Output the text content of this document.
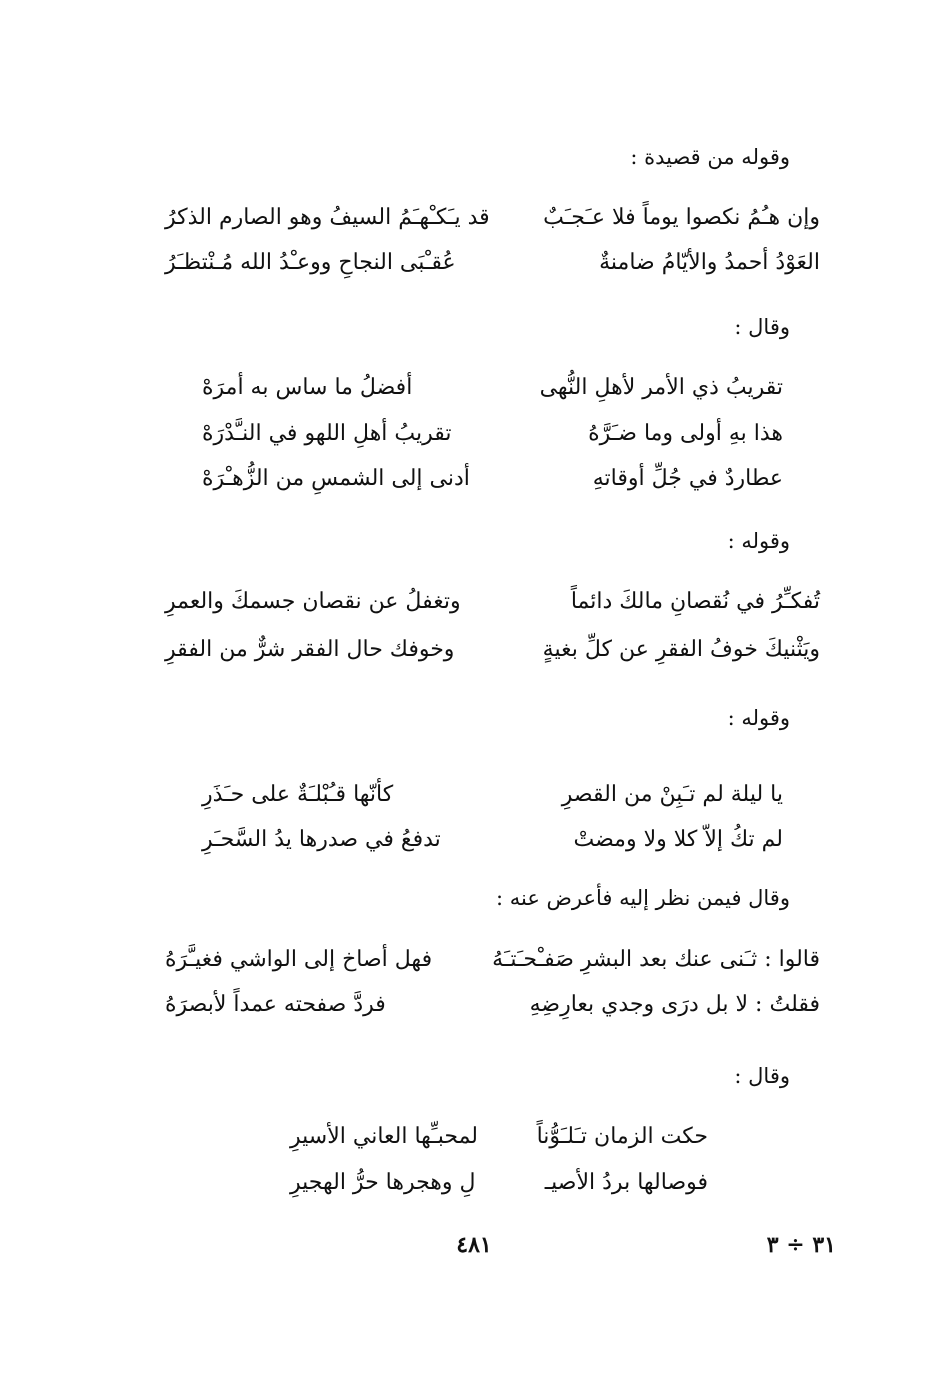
وقوله من قصيدة :
وإن هـُمُ نكصوا يوماً فلا عـَجـَبٌ
قد يـَكـْهـَمُ السيفُ وهو الصارم الذكرُ
العَوْدُ أحمدُ والأيّامُ ضامنةٌ
عُقـْبَى النجاحِ ووعـْدُ الله مُـنْتظـَرُ
وقال :
تقريبُ ذي الأمر لأهلِ النُّهى
أفضلُ ما ساس به أمرَهْ
هذا بهِ أولى وما ضـَرَّهُ
تقريبُ أهلِ اللهو في النـَّدْرَهْ
عطاردٌ في جُلِّ أوقاتهِ
أدنى إلى الشمسِ من الزُّهـْرَهْ
وقوله :
تُفكـِّرُ في نُقصانِ مالكَ دائماً
وتغفلُ عن نقصان جسمكَ والعمرِ
ويَثْنيكَ خوفُ الفقرِ عن كلِّ بغيةٍ
وخوفك حال الفقر شرٌّ من الفقرِ
وقوله :
يا ليلة لم تـَبِنْ من القصرِ
كأنّها قـُبْلـَةٌ على حـَذَرِ
لم تكُ إلاّ كلا ولا ومضتْ
تدفعُ في صدرها يدُ السَّحـَرِ
وقال فيمن نظر إليه فأعرض عنه :
قالوا : ثـَنى عنك بعد البشرِ صَفـْحـَتـَهُ
فهل أصاخ إلى الواشي فغيـَّرَهُ
فقلتُ : لا بل درَى وجدي بعارِضِهِ
فردَّ صفحته عمداً لأبصرَهُ
وقال :
حكت الزمان تـَلـَوُّناً
لمحبـِّها العاني الأسيرِ
فوصالها بردُ الأصيـ
لِ وهجرها حرُّ الهجيرِ
٤٨١	٣١ ÷ ٣
